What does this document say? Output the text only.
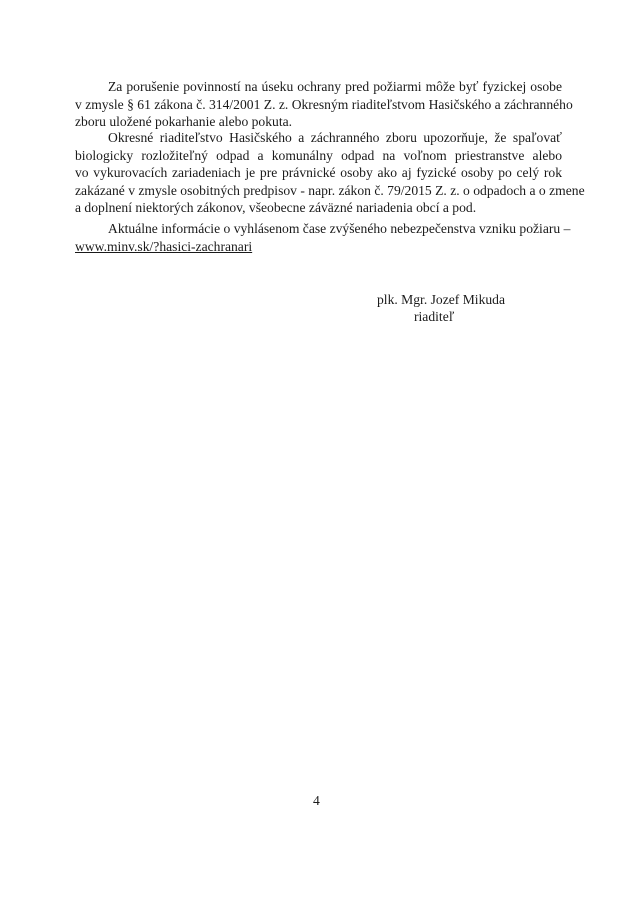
Za porušenie povinností na úseku ochrany pred požiarmi môže byť fyzickej osobe
v zmysle § 61 zákona č. 314/2001 Z. z. Okresným riaditeľstvom Hasičského a záchranného
zboru uložené pokarhanie alebo pokuta.

Okresné riaditeľstvo Hasičského a záchranného zboru upozorňuje, že spaľovať
biologicky rozložiteľný odpad a komunálny odpad na voľnom priestranstve alebo
vo vykurovacích zariadeniach je pre právnické osoby ako aj fyzické osoby po celý rok
zakázané v zmysle osobitných predpisov - napr. zákon č. 79/2015 Z. z. o odpadoch a o zmene
a doplnení niektorých zákonov, všeobecne záväzné nariadenia obcí a pod.

Aktuálne informácie o vyhlásenom čase zvýšeného nebezpečenstva vzniku požiaru –
www.minv.sk/?hasici-zachranari

plk. Mgr. Jozef Mikuda
riaditeľ
4
